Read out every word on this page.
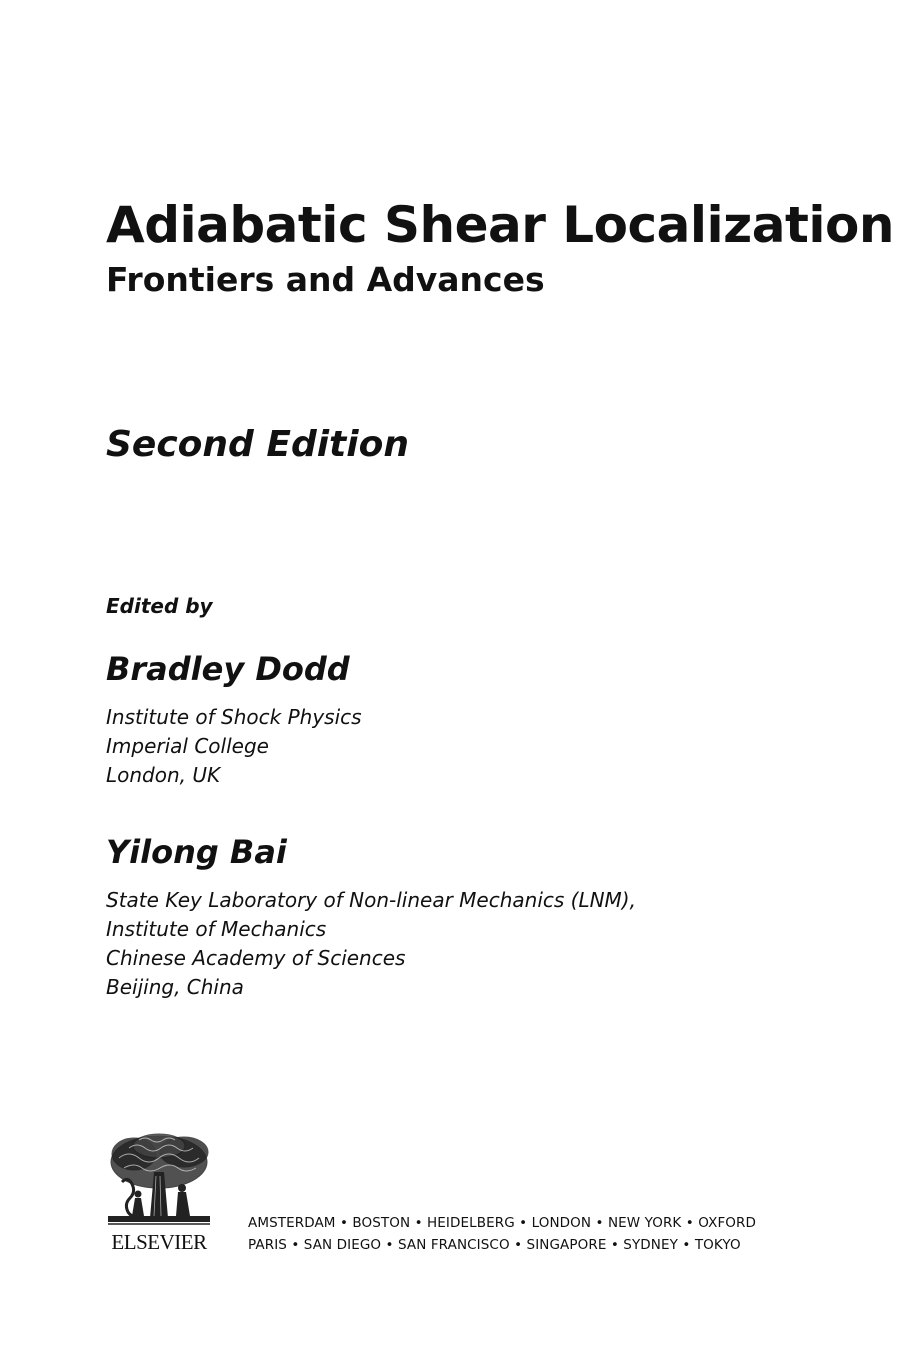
Adiabatic Shear Localization
Frontiers and Advances
Second Edition
Edited by
Bradley Dodd
Institute of Shock Physics
Imperial College
London, UK
Yilong Bai
State Key Laboratory of Non-linear Mechanics (LNM),
Institute of Mechanics
Chinese Academy of Sciences
Beijing, China
ELSEVIER
AMSTERDAM • BOSTON • HEIDELBERG • LONDON • NEW YORK • OXFORD
PARIS • SAN DIEGO • SAN FRANCISCO • SINGAPORE • SYDNEY • TOKYO
